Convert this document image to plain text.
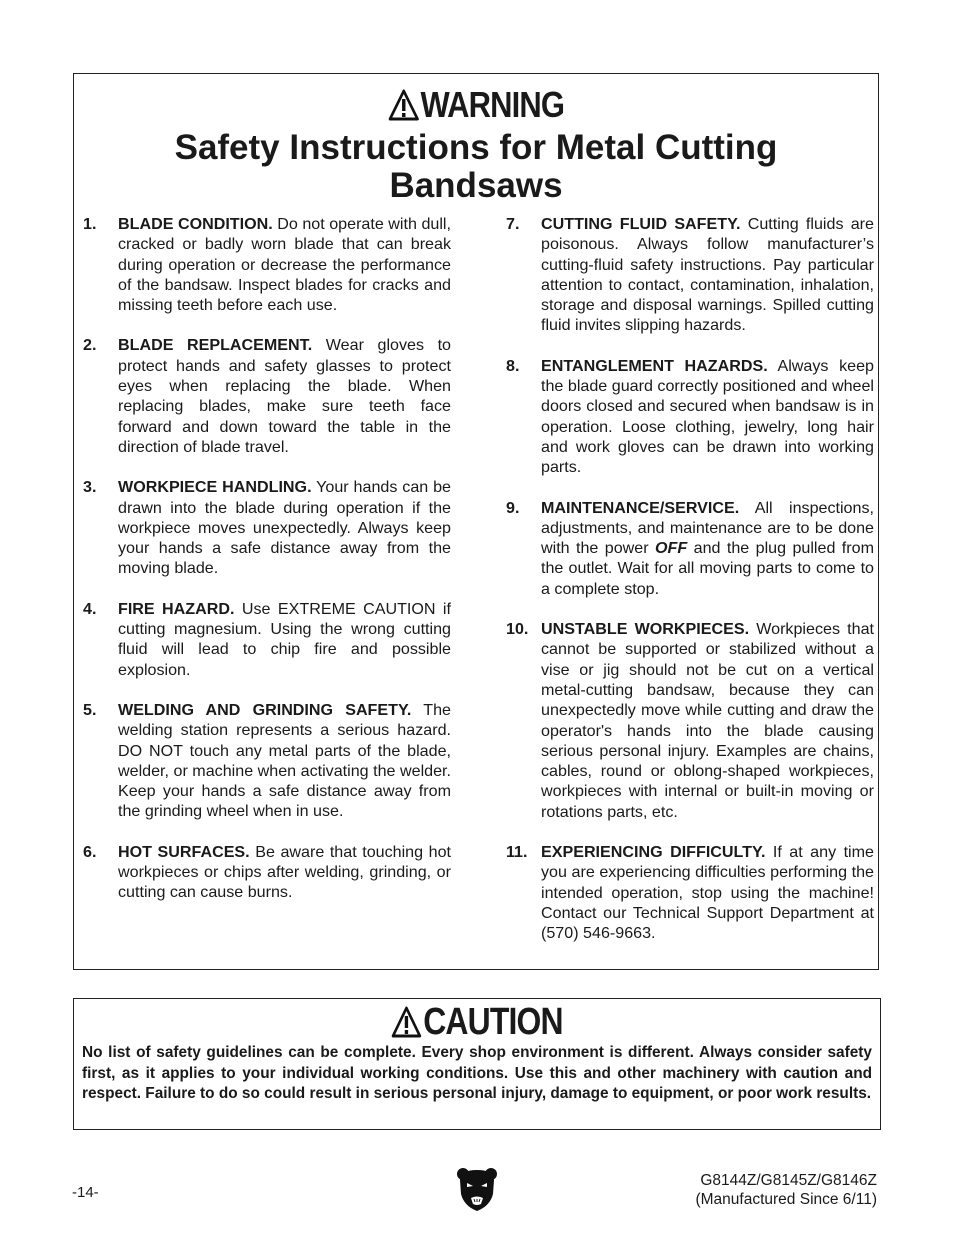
WARNING
Safety Instructions for Metal Cutting
Bandsaws
1. BLADE CONDITION. Do not operate with dull, cracked or badly worn blade that can break during operation or decrease the performance of the bandsaw. Inspect blades for cracks and missing teeth before each use.
2. BLADE REPLACEMENT. Wear gloves to protect hands and safety glasses to protect eyes when replacing the blade. When replacing blades, make sure teeth face forward and down toward the table in the direction of blade travel.
3. WORKPIECE HANDLING. Your hands can be drawn into the blade during operation if the workpiece moves unexpectedly. Always keep your hands a safe distance away from the moving blade.
4. FIRE HAZARD. Use EXTREME CAUTION if cutting magnesium. Using the wrong cutting fluid will lead to chip fire and possible explosion.
5. WELDING AND GRINDING SAFETY. The welding station represents a serious hazard. DO NOT touch any metal parts of the blade, welder, or machine when activating the welder. Keep your hands a safe distance away from the grinding wheel when in use.
6. HOT SURFACES. Be aware that touching hot workpieces or chips after welding, grinding, or cutting can cause burns.
7. CUTTING FLUID SAFETY. Cutting fluids are poisonous. Always follow manufacturer’s cutting-fluid safety instructions. Pay particular attention to contact, contamination, inhalation, storage and disposal warnings. Spilled cutting fluid invites slipping hazards.
8. ENTANGLEMENT HAZARDS. Always keep the blade guard correctly positioned and wheel doors closed and secured when bandsaw is in operation. Loose clothing, jewelry, long hair and work gloves can be drawn into working parts.
9. MAINTENANCE/SERVICE. All inspections, adjustments, and maintenance are to be done with the power OFF and the plug pulled from the outlet. Wait for all moving parts to come to a complete stop.
10. UNSTABLE WORKPIECES. Workpieces that cannot be supported or stabilized without a vise or jig should not be cut on a vertical metal-cutting bandsaw, because they can unexpectedly move while cutting and draw the operator's hands into the blade causing serious personal injury. Examples are chains, cables, round or oblong-shaped workpieces, workpieces with internal or built-in moving or rotations parts, etc.
11. EXPERIENCING DIFFICULTY. If at any time you are experiencing difficulties performing the intended operation, stop using the machine! Contact our Technical Support Department at (570) 546-9663.
CAUTION
No list of safety guidelines can be complete. Every shop environment is different. Always consider safety first, as it applies to your individual working conditions. Use this and other machinery with caution and respect. Failure to do so could result in serious personal injury, damage to equipment, or poor work results.
-14-
G8144Z/G8145Z/G8146Z
(Manufactured Since 6/11)
